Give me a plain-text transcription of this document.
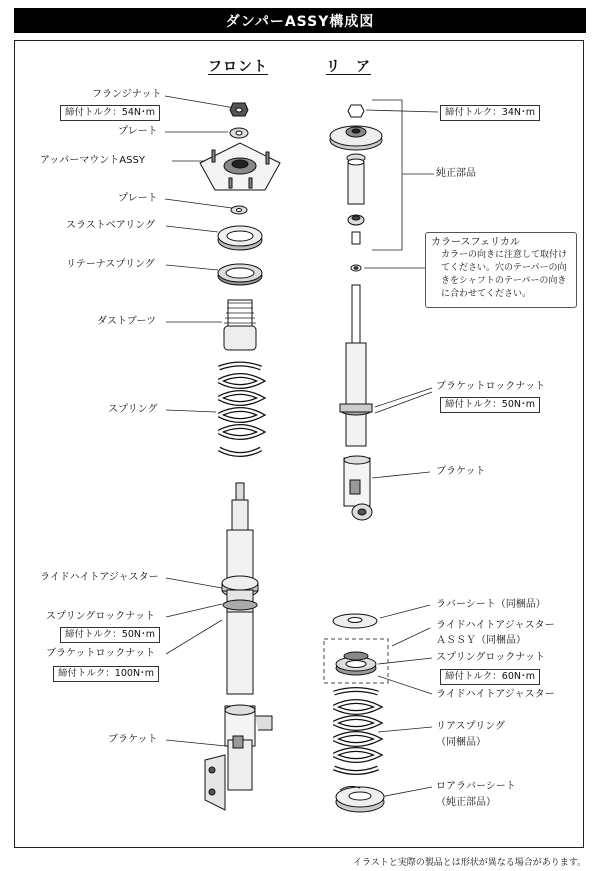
ダンパーASSY構成図
フロント	リ　ア
フランジナット
締付トルク：54N･m
プレート
アッパーマウントASSY
プレート
スラストベアリング
リテーナスプリング
ダストブーツ
スプリング
ライドハイトアジャスター
スプリングロックナット
締付トルク：50N･m
ブラケットロックナット
締付トルク：100N･m
ブラケット
締付トルク：34N･m
純正部品
カラースフェリカル
カラーの向きに注意して取付けてください。穴のテーパーの向きをシャフトのテーパーの向きに合わせてください。
ブラケットロックナット
締付トルク：50N･m
ブラケット
ラバーシート（同梱品）
ライドハイトアジャスター
ＡＳＳＹ（同梱品）
スプリングロックナット
締付トルク：60N･m
ライドハイトアジャスター
リアスプリング
（同梱品）
ロアラバーシート
（純正部品）
イラストと実際の製品とは形状が異なる場合があります。
